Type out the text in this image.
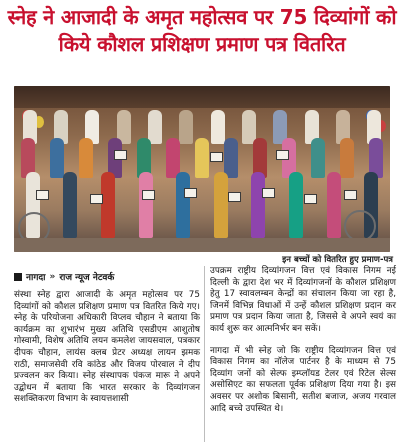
स्नेह ने आजादी के अमृत महोत्सव पर 75 दिव्यांगों को किये कौशल प्रशिक्षण प्रमाण पत्र वितरित

इन बच्चों को वितरित हुए प्रमाण-पत्र

नागदा » राज न्यूज नेटवर्क

संस्था स्नेह द्वारा आजादी के अमृत महोत्सव पर 75 दिव्यांगों को कौशल प्रशिक्षण प्रमाण पत्र वितरित किये गए। स्नेह के परियोजना अधिकारी विप्लव चौहान ने बताया कि कार्यक्रम का शुभारंभ मुख्य अतिथि एसडीएम आशुतोष गोस्वामी, विशेष अतिथि लयन कमलेश जायसवाल, पत्रकार दीपक चौहान, लायंस क्लब प्रेटर अध्यक्ष लायन झमक राठी, समाजसेवी रवि कांठेड और विजय पोरवाल ने दीप प्रज्वलन कर किया। स्नेह संस्थापक पंकज मारू ने अपने उद्बोधन में बताया कि भारत सरकार के दिव्यांगजन सशक्तिकरण विभाग के स्वायत्तशासी

उपक्रम राष्ट्रीय दिव्यांगजन वित्त एवं विकास निगम नई दिल्ली के द्वारा देश भर में दिव्यांगजनों के कौशल प्रशिक्षण हेतु 17 स्वावलम्बन केन्द्रों का संचालन किया जा रहा है, जिनमें विभिन्न विधाओं में उन्हें कौशल प्रशिक्षण प्रदान कर प्रमाण पत्र प्रदान किया जाता है, जिससे वे अपने स्वयं का कार्य शुरू कर आत्मनिर्भर बन सकें।

नागदा में भी स्नेह जो कि राष्ट्रीय दिव्यांगजन वित्त एवं विकास निगम का नॉलेज पार्टनर है के माध्यम से 75 दिव्यांग जनों को सेल्फ इम्प्लॉयड टेलर एवं रिटेल सेल्स असोसिएट का सफलता पूर्वक प्रशिक्षण दिया गया है। इस अवसर पर अशोक बिसानी, सतीश बजाज, अजय गरवाल आदि बच्चे उपस्थित थे।
